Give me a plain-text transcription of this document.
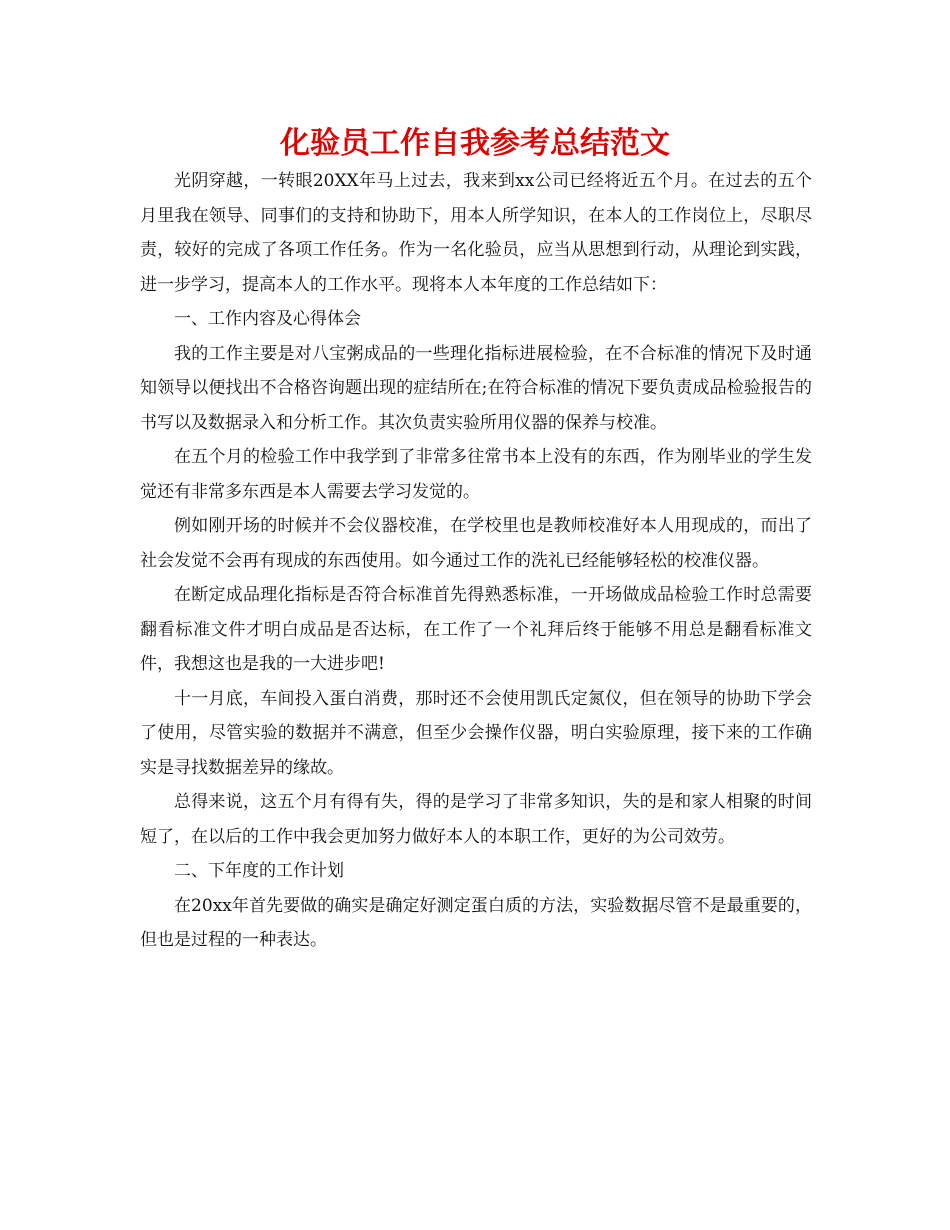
化验员工作自我参考总结范文

光阴穿越，一转眼20XX年马上过去，我来到xx公司已经将近五个月。在过去的五个月里我在领导、同事们的支持和协助下，用本人所学知识，在本人的工作岗位上，尽职尽责，较好的完成了各项工作任务。作为一名化验员，应当从思想到行动，从理论到实践，进一步学习，提高本人的工作水平。现将本人本年度的工作总结如下：

一、工作内容及心得体会

我的工作主要是对八宝粥成品的一些理化指标进展检验，在不合标准的情况下及时通知领导以便找出不合格咨询题出现的症结所在;在符合标准的情况下要负责成品检验报告的书写以及数据录入和分析工作。其次负责实验所用仪器的保养与校准。

在五个月的检验工作中我学到了非常多往常书本上没有的东西，作为刚毕业的学生发觉还有非常多东西是本人需要去学习发觉的。

例如刚开场的时候并不会仪器校准，在学校里也是教师校准好本人用现成的，而出了社会发觉不会再有现成的东西使用。如今通过工作的洗礼已经能够轻松的校准仪器。

在断定成品理化指标是否符合标准首先得熟悉标准，一开场做成品检验工作时总需要翻看标准文件才明白成品是否达标，在工作了一个礼拜后终于能够不用总是翻看标准文件，我想这也是我的一大进步吧!

十一月底，车间投入蛋白消费，那时还不会使用凯氏定氮仪，但在领导的协助下学会了使用，尽管实验的数据并不满意，但至少会操作仪器，明白实验原理，接下来的工作确实是寻找数据差异的缘故。

总得来说，这五个月有得有失，得的是学习了非常多知识，失的是和家人相聚的时间短了，在以后的工作中我会更加努力做好本人的本职工作，更好的为公司效劳。

二、下年度的工作计划

在20xx年首先要做的确实是确定好测定蛋白质的方法，实验数据尽管不是最重要的，但也是过程的一种表达。
